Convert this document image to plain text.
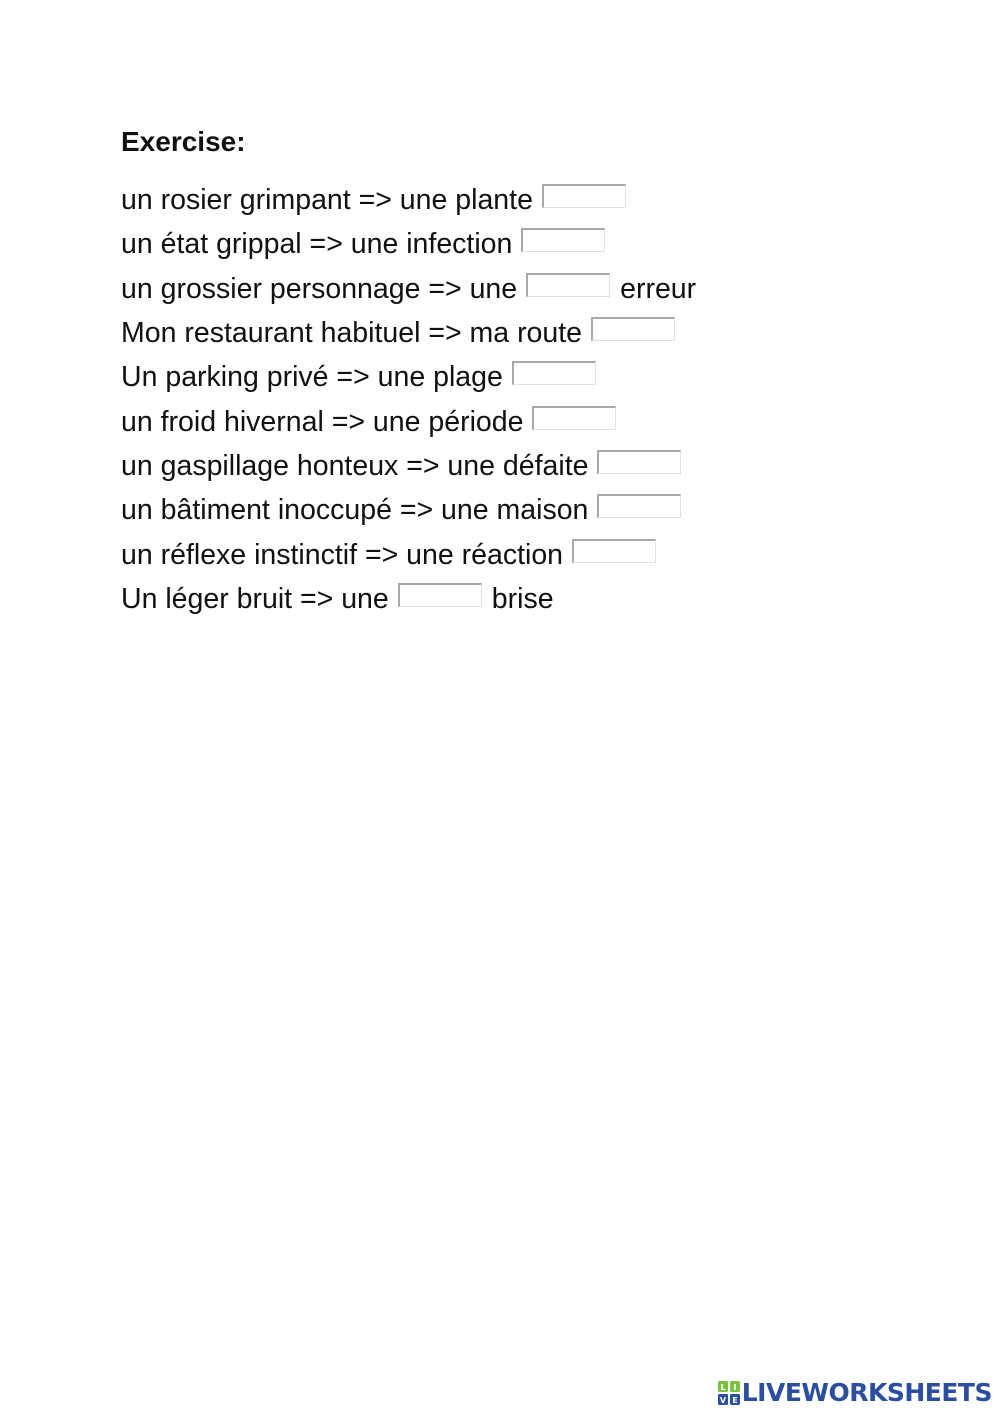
Exercise:
un rosier grimpant => une plante
un état grippal => une infection
un grossier personnage => une	erreur
Mon restaurant habituel => ma route
Un parking privé => une plage
un froid hivernal => une période
un gaspillage honteux => une défaite
un bâtiment inoccupé => une maison
un réflexe instinctif => une réaction
Un léger bruit => une	brise
L I
V E LIVEWORKSHEETS
